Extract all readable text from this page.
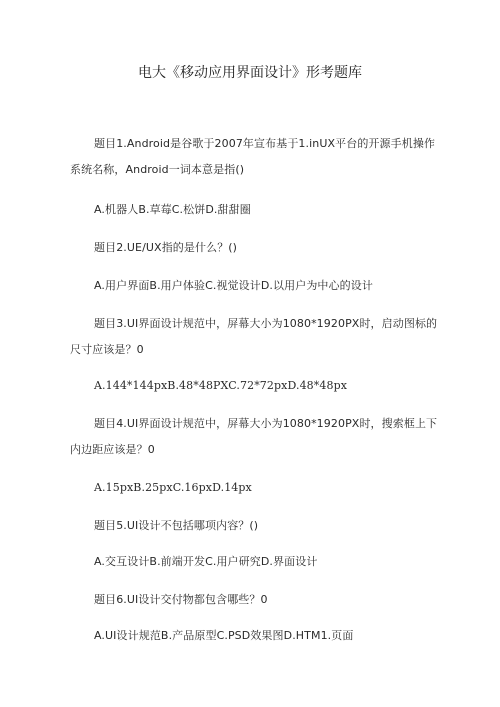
电大《移动应用界面设计》形考题库
题目1.Android是谷歌于2007年宣布基于1.inUX平台的开源手机操作
系统名称，Android一词本意是指()
A.机器人B.草莓C.松饼D.甜甜圈
题目2.UE/UX指的是什么？()
A.用户界面B.用户体验C.视觉设计D.以用户为中心的设计
题目3.UI界面设计规范中，屏幕大小为1080*1920PX时，启动图标的
尺寸应该是？0
A.144*144pxB.48*48PXC.72*72pxD.48*48px
题目4.UI界面设计规范中，屏幕大小为1080*1920PX时，搜索框上下
内边距应该是？0
A.15pxB.25pxC.16pxD.14px
题目5.UI设计不包括哪项内容？()
A.交互设计B.前端开发C.用户研究D.界面设计
题目6.UI设计交付物都包含哪些？0
A.UI设计规范B.产品原型C.PSD效果图D.HTM1.页面
